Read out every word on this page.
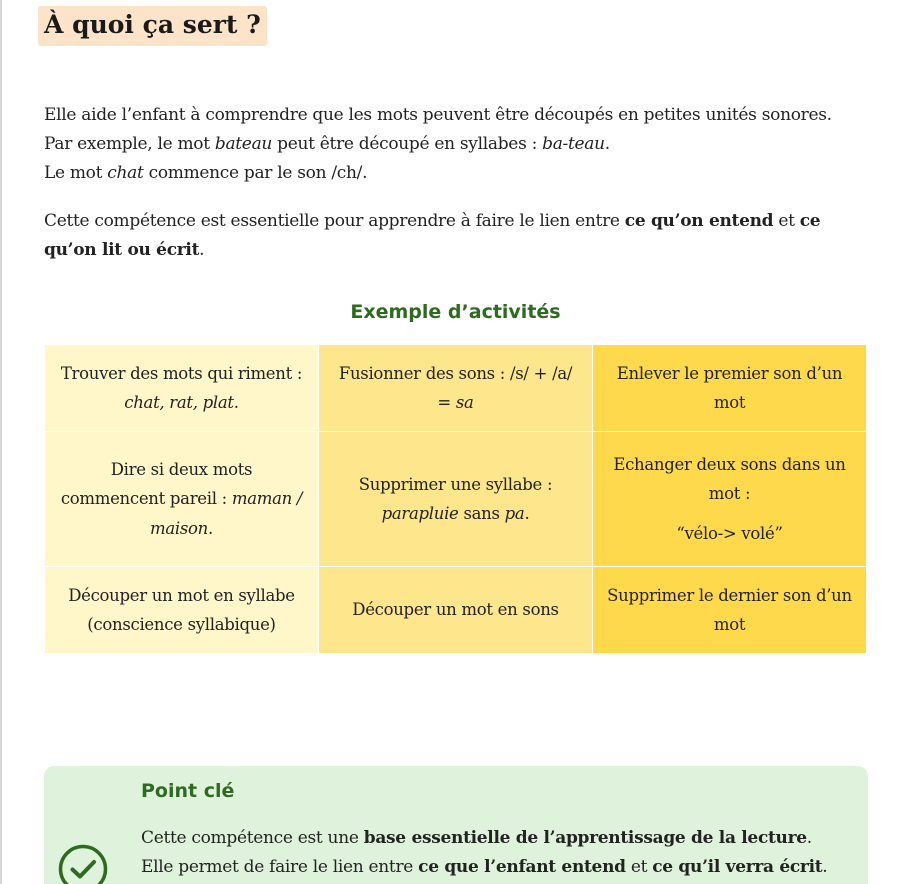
À quoi ça sert ?

Elle aide l’enfant à comprendre que les mots peuvent être découpés en petites unités sonores.

Par exemple, le mot bateau peut être découpé en syllabes : ba-teau.

Le mot chat commence par le son /ch/.

Cette compétence est essentielle pour apprendre à faire le lien entre ce qu’on entend et ce qu’on lit ou écrit.

Exemple d’activités
Trouver des mots qui rime​nt : chat, rat, plat.	Fusionner des sons : /s/ + /a/ = sa	Enlever le premier son d’un mot
Dire si deux mots commencent pareil : maman / maison.	Supprimer une syllabe : parapluie sans pa.	Echanger deux sons dans un mot :
“vélo-> volé”
Découper un mot en syllabe (conscience syllabique)	Découper un mot en sons	Supprimer le dernier son d’un mot
Point clé

Cette compétence est une base essentielle de l’apprentissage de la lecture.

Elle permet de faire le lien entre ce que l’enfant entend et ce qu’il verra écrit.
